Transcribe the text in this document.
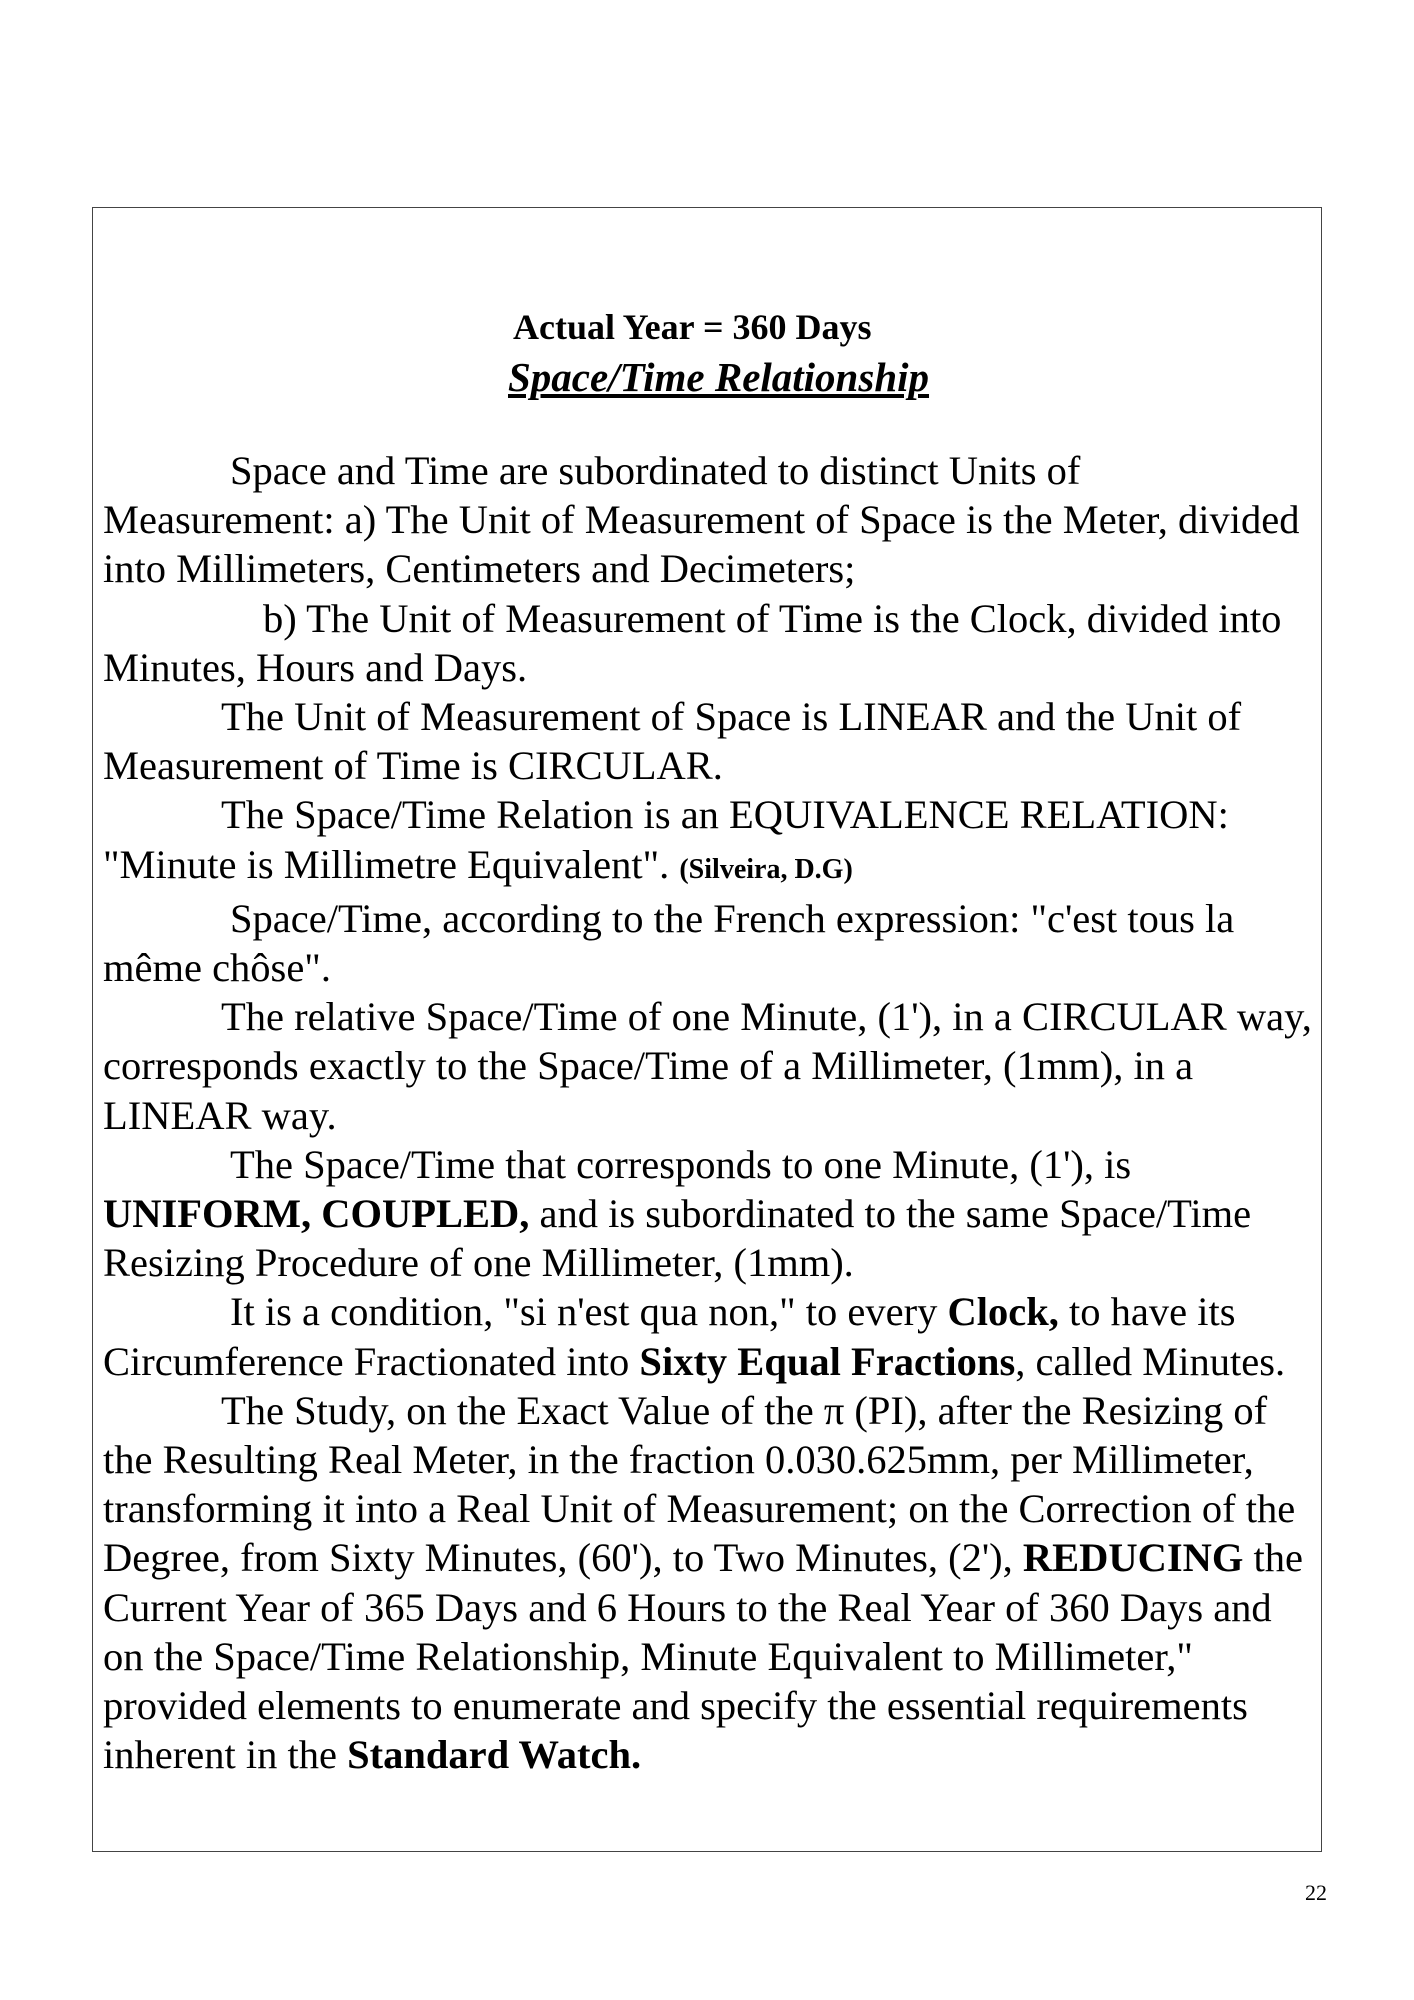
Actual Year = 360 Days
Space/Time Relationship

Space and Time are subordinated to distinct Units of Measurement: a) The Unit of Measurement of Space is the Meter, divided into Millimeters, Centimeters and Decimeters;

b) The Unit of Measurement of Time is the Clock, divided into Minutes, Hours and Days.

The Unit of Measurement of Space is LINEAR and the Unit of Measurement of Time is CIRCULAR.

The Space/Time Relation is an EQUIVALENCE RELATION: "Minute is Millimetre Equivalent". (Silveira, D.G)

Space/Time, according to the French expression: "c'est tous la même chôse".

The relative Space/Time of one Minute, (1'), in a CIRCULAR way, corresponds exactly to the Space/Time of a Millimeter, (1mm), in a LINEAR way.

The Space/Time that corresponds to one Minute, (1'), is UNIFORM, COUPLED, and is subordinated to the same Space/Time Resizing Procedure of one Millimeter, (1mm).

It is a condition, "si n'est qua non," to every Clock, to have its Circumference Fractionated into Sixty Equal Fractions, called Minutes.

The Study, on the Exact Value of the π (PI), after the Resizing of the Resulting Real Meter, in the fraction 0.030.625mm, per Millimeter, transforming it into a Real Unit of Measurement; on the Correction of the Degree, from Sixty Minutes, (60'), to Two Minutes, (2'), REDUCING the Current Year of 365 Days and 6 Hours to the Real Year of 360 Days and on the Space/Time Relationship, Minute Equivalent to Millimeter," provided elements to enumerate and specify the essential requirements inherent in the Standard Watch.

22
